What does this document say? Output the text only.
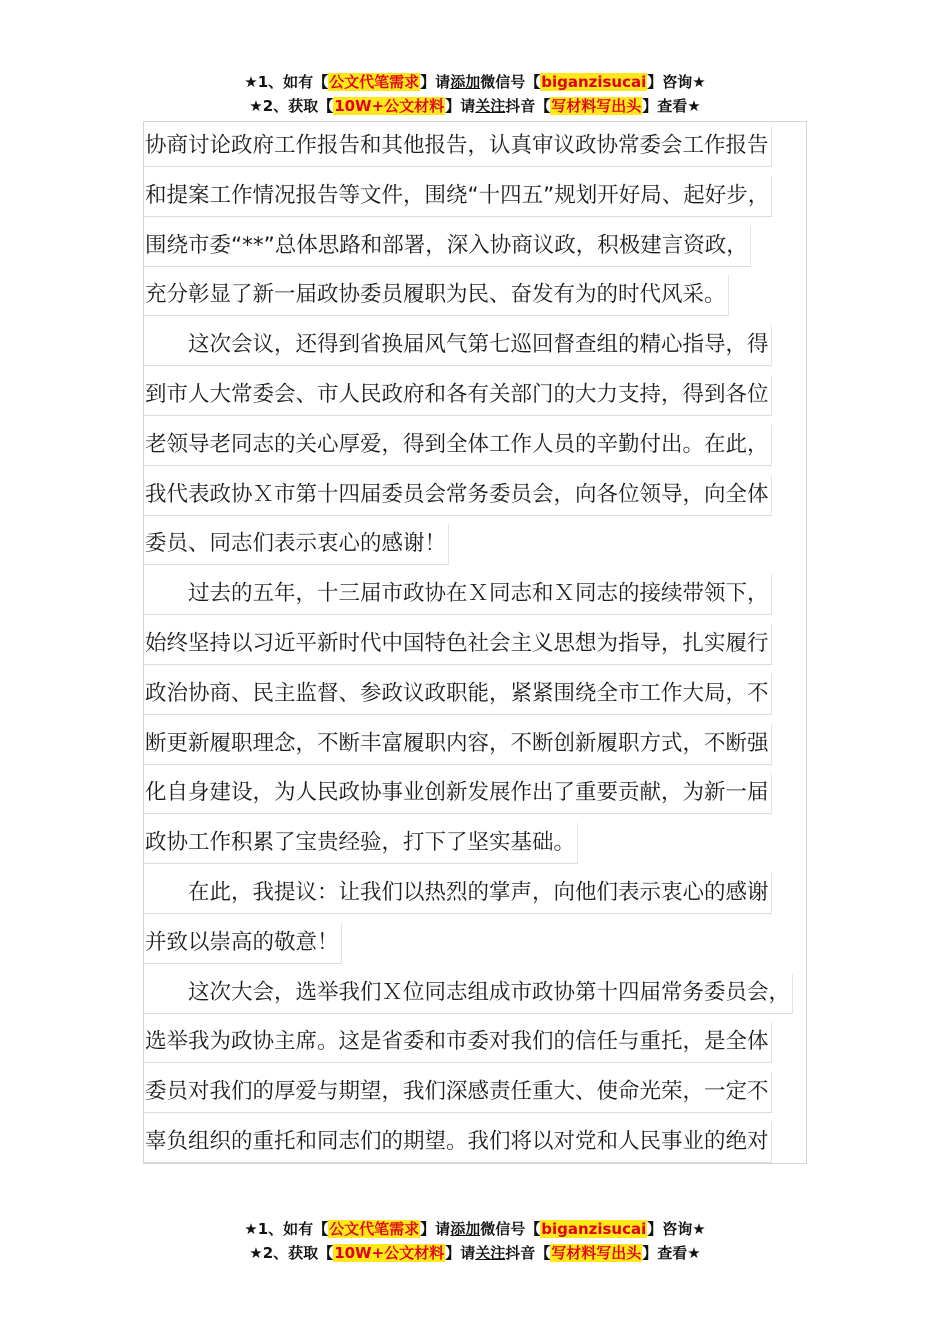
★1、如有【公文代笔需求】请添加微信号【biganzisucai】咨询★
★2、获取【10W+公文材料】请关注抖音【写材料写出头】查看★
协商讨论政府工作报告和其他报告，认真审议政协常委会工作报告
和提案工作情况报告等文件，围绕“十四五”规划开好局、起好步，
围绕市委“**”总体思路和部署，深入协商议政，积极建言资政，
充分彰显了新一届政协委员履职为民、奋发有为的时代风采。
　　这次会议，还得到省换届风气第七巡回督查组的精心指导，得
到市人大常委会、市人民政府和各有关部门的大力支持，得到各位
老领导老同志的关心厚爱，得到全体工作人员的辛勤付出。在此，
我代表政协Ｘ市第十四届委员会常务委员会，向各位领导，向全体
委员、同志们表示衷心的感谢！
　　过去的五年，十三届市政协在Ｘ同志和Ｘ同志的接续带领下，
始终坚持以习近平新时代中国特色社会主义思想为指导，扎实履行
政治协商、民主监督、参政议政职能，紧紧围绕全市工作大局，不
断更新履职理念，不断丰富履职内容，不断创新履职方式，不断强
化自身建设，为人民政协事业创新发展作出了重要贡献，为新一届
政协工作积累了宝贵经验，打下了坚实基础。
　　在此，我提议：让我们以热烈的掌声，向他们表示衷心的感谢
并致以崇高的敬意！
　　这次大会，选举我们Ｘ位同志组成市政协第十四届常务委员会，
选举我为政协主席。这是省委和市委对我们的信任与重托，是全体
委员对我们的厚爱与期望，我们深感责任重大、使命光荣，一定不
辜负组织的重托和同志们的期望。我们将以对党和人民事业的绝对
★1、如有【公文代笔需求】请添加微信号【biganzisucai】咨询★
★2、获取【10W+公文材料】请关注抖音【写材料写出头】查看★
